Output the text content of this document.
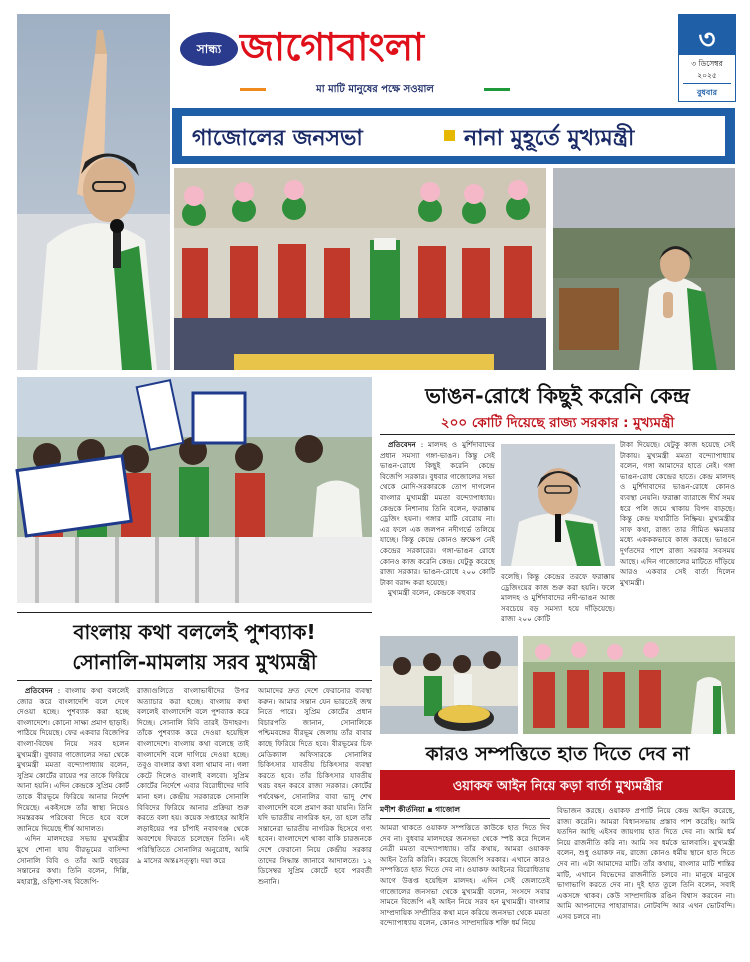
সান্ধ্য জাগোবাংলা
মা মাটি মানুষের পক্ষে সওয়াল
৩
৩ ডিসেম্বর
২০২৫
বুধবার
গাজোলের জনসভা	নানা মুহূর্তে মুখ্যমন্ত্রী
ভাঙন-রোধে কিছুই করেনি কেন্দ্র
২০০ কোটি দিয়েছে রাজ্য সরকার : মুখ্যমন্ত্রী

প্রতিবেদন : মালদহ ও মুর্শিদাবাদের প্রধান সমস্যা গঙ্গা-ভাঙন। কিন্তু সেই ভাঙন-রোধে কিছুই করেনি কেন্দ্রে বিজেপি সরকার। বুধবার গাজোলের সভা থেকে মোদি-সরকারকে তোপ দাগলেন বাংলার মুখ্যমন্ত্রী মমতা বন্দ্যোপাধ্যায়। কেন্দ্রকে নিশানায় তিনি বলেন, ফরাক্কায় ড্রেজিং হয়না। গঙ্গার মাটি বেরোয় না। এর ফলে এক জলপন নদীগর্ভে তলিয়ে যাচ্ছে। কিন্তু কেন্দ্রে কোনও ভ্রুক্ষেপ নেই কেন্দ্রের সরকারের। গঙ্গা-ভাঙন রোধে কোনও কাজ করেনি কেন্দ্র। যেটুকু করেছে রাজ্য সরকার। ভাঙন-রোধে ২০০ কোটি টাকা বরাদ্দ করা হয়েছে।

মুখ্যমন্ত্রী বলেন, কেন্দ্রকে বহুবার

বলেছি। কিন্তু কেন্দ্রের তরফে ফরাক্কায় ড্রেজিংয়ের কাজ শুরু করা হয়নি। ফলে মালদহ ও মুর্শিদাবাদের নদী-ভাঙন আজ সবচেয়ে বড় সমস্যা হয়ে দাঁড়িয়েছে। রাজ্য ২০০ কোটি
টাকা দিয়েছে। যেটুকু কাজ হয়েছে সেই টাকায়। মুখ্যমন্ত্রী মমতা বন্দ্যোপাধ্যায় বলেন, গঙ্গা আমাদের হাতে নেই। গঙ্গা ভাঙন-রোধ কেন্দ্রের হাতে। কেন্দ্র মালদহ ও মুর্শিদাবাদের ভাঙন-রোধে কোনও ব্যবস্থা নেয়নি। ফরাক্কা ব্যারাজে দীর্ঘ সময় ধরে পলি জমে থাকায় বিপদ বাড়ছে। কিন্তু কেন্দ্র যথারীতি নিষ্ক্রিয়। মুখ্যমন্ত্রীর সাফ কথা, রাজ্য তার সীমিত ক্ষমতার মধ্যে একককভাবে কাজ করছে। ভাঙনে দুর্গতদের পাশে রাজ্য সরকার সবসময় আছে। এদিন গাজোলের মাটিতে দাঁড়িয়ে আরও একবার সেই বার্তা দিলেন মুখ্যমন্ত্রী।
বাংলায় কথা বললেই পুশব্যাক!
সোনালি-মামলায় সরব মুখ্যমন্ত্রী

প্রতিবেদন : বাংলায় কথা বললেই জোর করে বাংলাদেশি বলে দেগে দেওয়া হচ্ছে। পুশব্যাক করা হচ্ছে বাংলাদেশে। কোনো সাক্ষ্য প্রমাণ ছাড়াই। পাঠিয়ে দিয়েছে। ফের একবার বিজেপির বাংলা-বিদ্বেষ নিয়ে সরব হলেন মুখ্যমন্ত্রী। বুধবার গাজোলের সভা থেকে মুখ্যমন্ত্রী মমতা বন্দ্যোপাধ্যায় বলেন, সুপ্রিম কোর্টের রায়ের পর তাকে ফিরিয়ে আনা হয়নি। এদিন কেন্দ্রকে সুপ্রিম কোর্ট তাকে বীরভূমে ফিরিয়ে আনার নির্দেশ দিয়েছে। একইসঙ্গে তাঁর স্বাস্থ্য নিয়েও সমস্তরকম পরিষেবা দিতে হবে বলে জানিয়ে দিয়েছে শীর্ষ আদালত।

এদিন মালদহের সভায় মুখ্যমন্ত্রীর মুখে শোনা যায় বীরভূমের বাসিন্দা সোনালি বিবি ও তাঁর আট বছরের সন্তানের কথা। তিনি বলেন, দিল্লি, মহারাষ্ট্র, ওড়িশা-সহ বিজেপি-

রাজ্যগুলিতে বাংলাভাষীদের উপর অত্যাচার করা হচ্ছে। বাংলায় কথা বললেই বাংলাদেশি বলে পুশব্যাক করে দিচ্ছে। সোনালি বিবি তারই উদাহরণ। তাঁকে পুশব্যাক করে দেওয়া হয়েছিল বাংলাদেশে। বাংলায় কথা বলেছে তাই বাংলাদেশি বলে দাগিয়ে দেওয়া হচ্ছে। তবুও বাংলার কথা বলা থামাব না। গলা কেটে দিলেও বাংলাই বলবো। সুপ্রিম কোর্টের নির্দেশে এবার বিরোধীদের দাবি মানা হল। কেন্দ্রীয় সরকারকে সোনালি বিবিদের ফিরিয়ে আনার প্রক্রিয়া শুরু করতে বলা হয়। কয়েক সপ্তাহের আইনি লড়াইয়ের পর চাঁপাই নবাবগঞ্জ থেকে অবশেষে ফিরতে চলেছেন তিনি। এই পরিস্থিতিতে সোনালির অনুরোধ, আমি ৯ মাসের অন্তঃসত্ত্বা। দয়া করে
আমাদের দ্রুত দেশে ফেরানোর ব্যবস্থা করুন। আমার সন্তান যেন ভারতেই জন্ম নিতে পারে। সুপ্রিম কোর্টের প্রধান বিচারপতি জানান, সোনালিকে পশ্চিমবঙ্গের বীরভূম জেলায় তাঁর বাবার কাছে ফিরিয়ে দিতে হবে। বীরভূমের চিফ মেডিক্যাল অফিসারকে সোনালির চিকিৎসার যাবতীয় চিকিৎসার ব্যবস্থা করতে হবে। তাঁর চিকিৎসার যাবতীয় খরচ বহন করবে রাজ্য সরকার। কোর্টের পর্যবেক্ষণ, সোনালির বাবা ভাদু শেখ বাংলাদেশি বলে প্রমাণ করা যায়নি। তিনি যদি ভারতীয় নাগরিক হন, তা হলে তাঁর সন্তানেরা ভারতীয় নাগরিক হিসেবে গণ্য হবেন। বাংলাদেশে থাকা বাকি চারজনকে দেশে ফেরানো নিয়ে কেন্দ্রীয় সরকার তাদের সিদ্ধান্ত জানাবে আদালতে। ১২ ডিসেম্বর সুপ্রিম কোর্টে হবে পরবর্তী শুনানি।
কারও সম্পত্তিতে হাত দিতে দেব না
ওয়াকফ আইন নিয়ে কড়া বার্তা মুখ্যমন্ত্রীর
মণীশ কীর্তনিয়া ▪ গাজোল
আমরা থাকতে ওয়াকফ সম্পত্তিতে কাউকে হাত দিতে দিব দেব না। বুধবার মালদহের জনসভা থেকে স্পষ্ট করে দিলেন নেত্রী মমতা বন্দ্যোপাধ্যায়। তাঁর কথায়, আমরা ওয়াকফ আইন তৈরি করিনি। করেছে বিজেপি সরকার। এখানে কারও সম্পত্তিতে হাত দিতে দেব না। ওয়াকফ আইনের বিরোধিতায় আগে উত্তপ্ত হয়েছিল মালদহ। এদিন সেই জেলাতেই গাজোলের জনসভা থেকে মুখ্যমন্ত্রী বলেন, সংসদে সবার সামনে বিজেপি এই আইন নিয়ে সরব হন মুখ্যমন্ত্রী। বাংলার সাম্প্রদায়িক সম্প্রীতির কথা মনে করিয়ে জনসভা থেকে মমতা বন্দ্যোপাধ্যায় বলেন, কোনও সাম্প্রদায়িক শক্তি ধর্ম নিয়ে
বিভাজন করছে। ওয়াকফ প্রপার্টি নিয়ে কেন্দ্র আইন করেছে, রাজ্য করেনি। আমরা বিধানসভায় প্রস্তাব পাশ করেছি। আমি যতদিন আছি এইসব জায়গায় হাত দিতে দেব না। আমি ধর্ম নিয়ে রাজনীতি করি না। আমি সব ধর্মকে ভালবাসি। মুখ্যমন্ত্রী বলেন, শুধু ওয়াকফ নয়, রাজ্যে কোনও ধর্মীয় স্থানে হাত দিতে দেব না। এটা আমাদের মাটি। তাঁর কথায়, বাংলার মাটি শান্তির মাটি, এখানে বিভেদের রাজনীতি চলবে না। মানুষে মানুষে ভাগাভাগি করতে দেব না। দুই হাত তুলে তিনি বলেন, সবাই একসঙ্গে থাকব। কেউ সাম্প্রদায়িক রঙিন বিশ্বাস করবেন না। আমি আপনাদের পাহারাদার। নোটবন্দি আর এখন ভোটবন্দি। এসব চলবে না।
